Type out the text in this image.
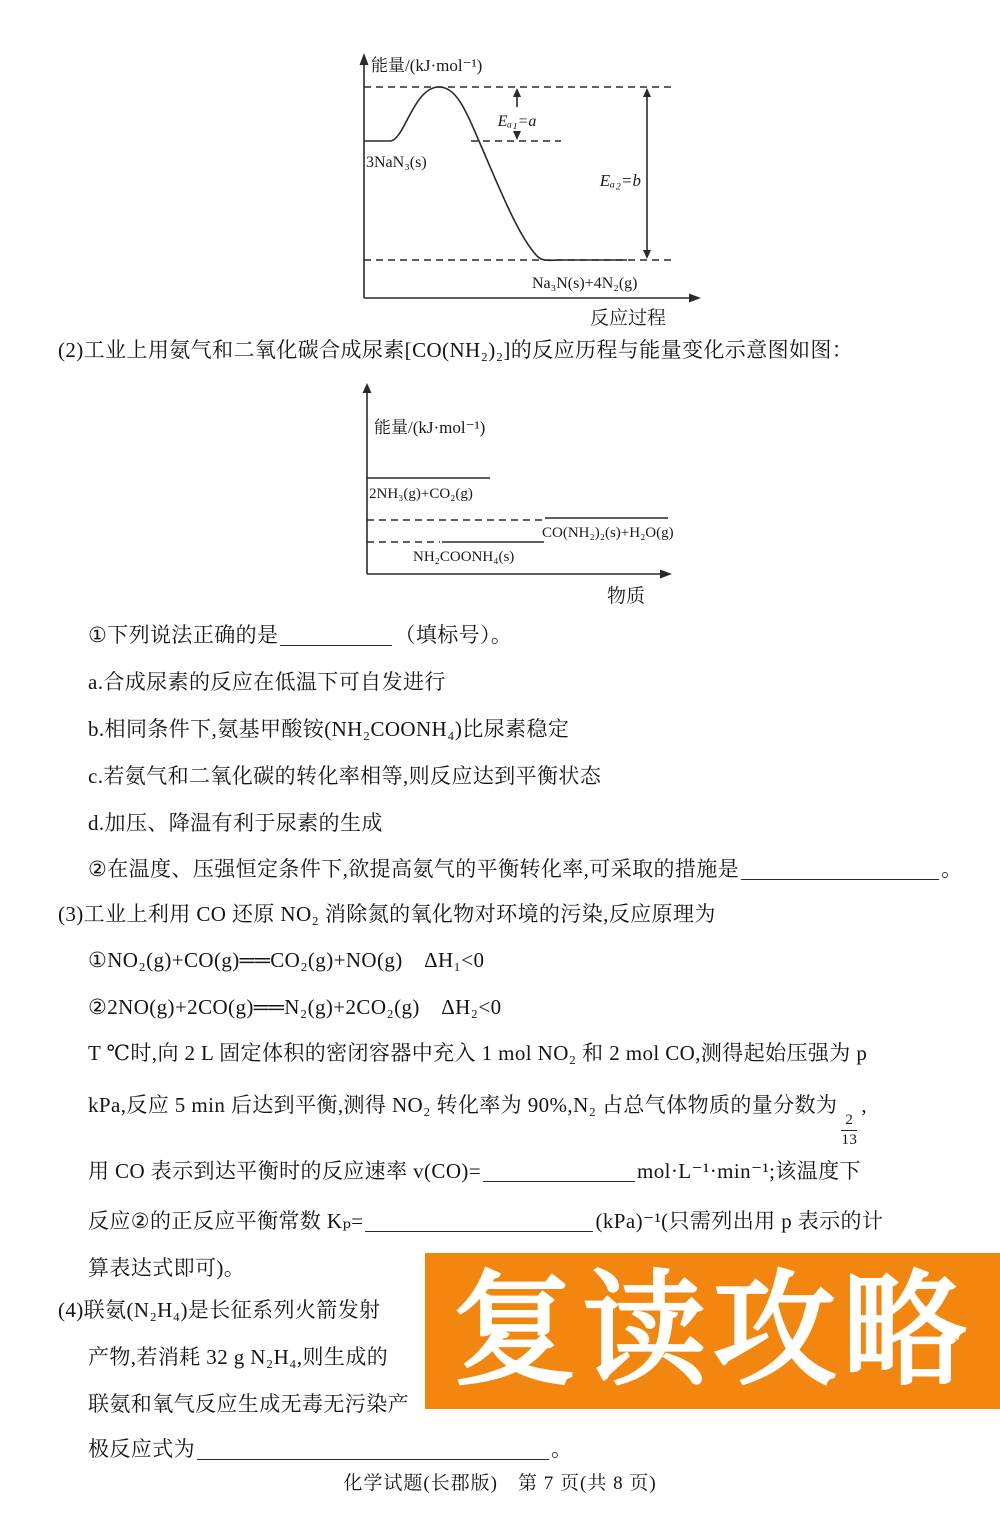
Eₐ₁=a
Eₐ₂=b
能量/(kJ·mol⁻¹)
3NaN₃(s)
Na₃N(s)+4N₂(g)
反应过程
(2)工业上用氨气和二氧化碳合成尿素[CO(NH₂)₂]的反应历程与能量变化示意图如图：
能量/(kJ·mol⁻¹)
2NH₃(g)+CO₂(g)
CO(NH₂)₂(s)+H₂O(g)
NH₂COONH₄(s)
物质
①下列说法正确的是	（填标号）。
a.合成尿素的反应在低温下可自发进行
b.相同条件下,氨基甲酸铵(NH₂COONH₄)比尿素稳定
c.若氨气和二氧化碳的转化率相等,则反应达到平衡状态
d.加压、降温有利于尿素的生成
②在温度、压强恒定条件下,欲提高氨气的平衡转化率,可采取的措施是	。
(3)工业上利用 CO 还原 NO₂ 消除氮的氧化物对环境的污染,反应原理为
①NO₂(g)+CO(g)══CO₂(g)+NO(g)　ΔH₁<0
②2NO(g)+2CO(g)══N₂(g)+2CO₂(g)　ΔH₂<0
T ℃时,向 2 L 固定体积的密闭容器中充入 1 mol NO₂ 和 2 mol CO,测得起始压强为 p
kPa,反应 5 min 后达到平衡,测得 NO₂ 转化率为 90%,N₂ 占总气体物质的量分数为
$\frac{2}{13}$
,
用 CO 表示到达平衡时的反应速率 v(CO)=	mol·L⁻¹·min⁻¹;该温度下
反应②的正反应平衡常数 Kₚ=	(kPa)⁻¹(只需列出用 p 表示的计
算表达式即可)。
(4)联氨(N₂H₄)是长征系列火箭发射
产物,若消耗 32 g N₂H₄,则生成的
联氨和氧气反应生成无毒无污染产
极反应式为	。
复读攻略
化学试题(长郡版)　第 7 页(共 8 页)
